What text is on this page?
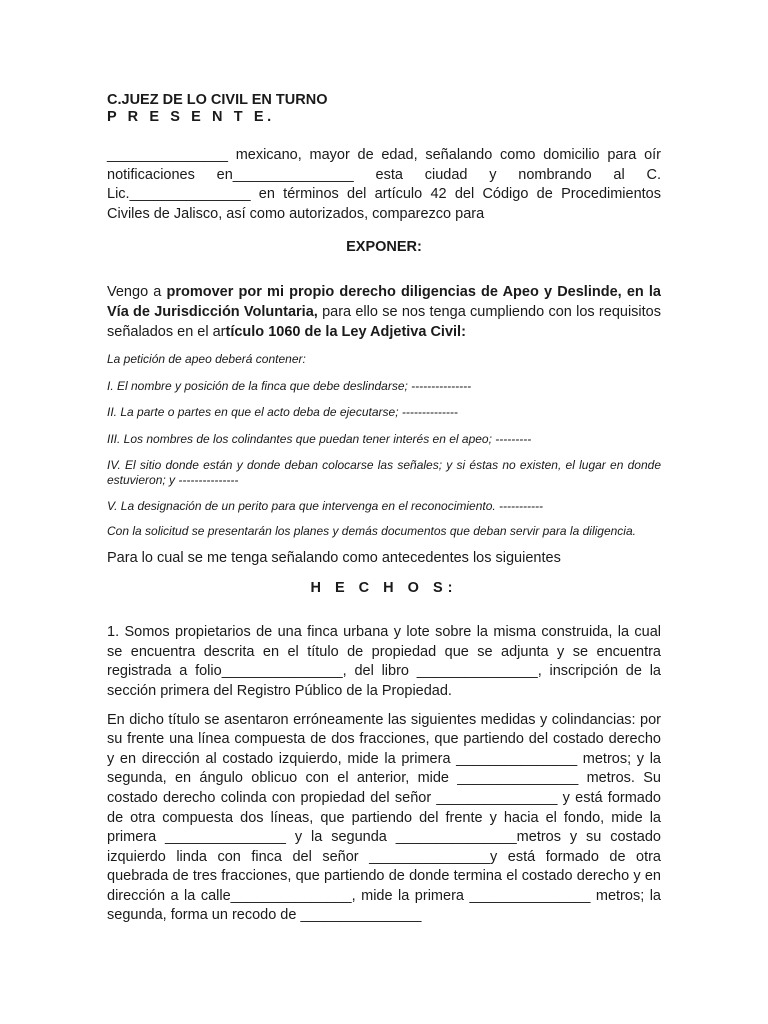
C.JUEZ DE LO CIVIL EN TURNO

P R E S E N T E.

_______________ mexicano, mayor de edad, señalando como domicilio para oír notificaciones en_______________ esta ciudad y nombrando al C. Lic._______________ en términos del artículo 42 del Código de Procedimientos Civiles de Jalisco, así como autorizados, comparezco para

EXPONER:

Vengo a promover por mi propio derecho diligencias de Apeo y Deslinde, en la Vía de Jurisdicción Voluntaria, para ello se nos tenga cumpliendo con los requisitos señalados en el artículo 1060 de la Ley Adjetiva Civil:

La petición de apeo deberá contener:

I. El nombre y posición de la finca que debe deslindarse; ---------------

II. La parte o partes en que el acto deba de ejecutarse; --------------

III. Los nombres de los colindantes que puedan tener interés en el apeo; ---------

IV. El sitio donde están y donde deban colocarse las señales; y si éstas no existen, el lugar en donde estuvieron; y ---------------

V. La designación de un perito para que intervenga en el reconocimiento. -----------

Con la solicitud se presentarán los planes y demás documentos que deban servir para la diligencia.

Para lo cual se me tenga señalando como antecedentes los siguientes

H E C H O S:

1. Somos propietarios de una finca urbana y lote sobre la misma construida, la cual se encuentra descrita en el título de propiedad que se adjunta y se encuentra registrada a folio_______________, del libro _______________, inscripción de la sección primera del Registro Público de la Propiedad.

En dicho título se asentaron erróneamente las siguientes medidas y colindancias: por su frente una línea compuesta de dos fracciones, que partiendo del costado derecho y en dirección al costado izquierdo, mide la primera _______________ metros; y la segunda, en ángulo oblicuo con el anterior, mide _______________ metros. Su costado derecho colinda con propiedad del señor _______________ y está formado de otra compuesta dos líneas, que partiendo del frente y hacia el fondo, mide la primera _______________ y la segunda _______________metros y su costado izquierdo linda con finca del señor _______________y está formado de otra quebrada de tres fracciones, que partiendo de donde termina el costado derecho y en dirección a la calle_______________, mide la primera _______________ metros; la segunda, forma un recodo de _______________
